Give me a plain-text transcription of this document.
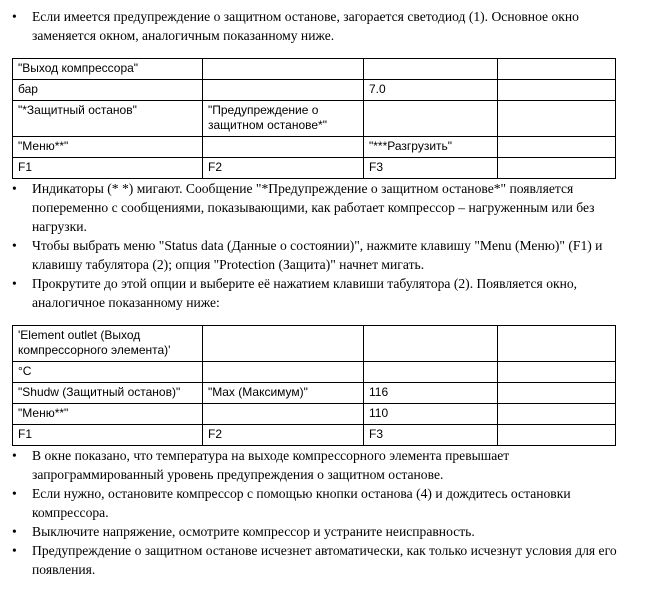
•	Если имеется предупреждение о защитном останове, загорается светодиод (1). Основное окно заменяется окном, аналогичным показанному ниже.
"Выход компрессора"			
бар		7.0	
"*Защитный останов"	"Предупреждение о защитном останове*"		
"Меню**"		"***Разгрузить"	
F1	F2	F3	
•	Индикаторы (* *) мигают. Сообщение "*Предупреждение о защитном останове*" появляется попеременно с сообщениями, показывающими, как работает компрессор – нагруженным или без нагрузки.
•	Чтобы выбрать меню "Status data (Данные о состоянии)", нажмите клавишу "Menu (Меню)" (F1) и клавишу табулятора (2); опция "Protection (Защита)" начнет мигать.
•	Прокрутите до этой опции и выберите её нажатием клавиши табулятора (2). Появляется окно, аналогичное показанному ниже:
'Element outlet (Выход компрессорного элемента)'			
°C			
"Shudw (Защитный останов)"	"Max (Максимум)"	116	
"Меню**"		110	
F1	F2	F3	
•	В окне показано, что температура на выходе компрессорного элемента превышает запрограммированный уровень предупреждения о защитном останове.
•	Если нужно, остановите компрессор с помощью кнопки останова (4) и дождитесь остановки компрессора.
•	Выключите напряжение, осмотрите компрессор и устраните неисправность.
•	Предупреждение о защитном останове исчезнет автоматически, как только исчезнут условия для его появления.
